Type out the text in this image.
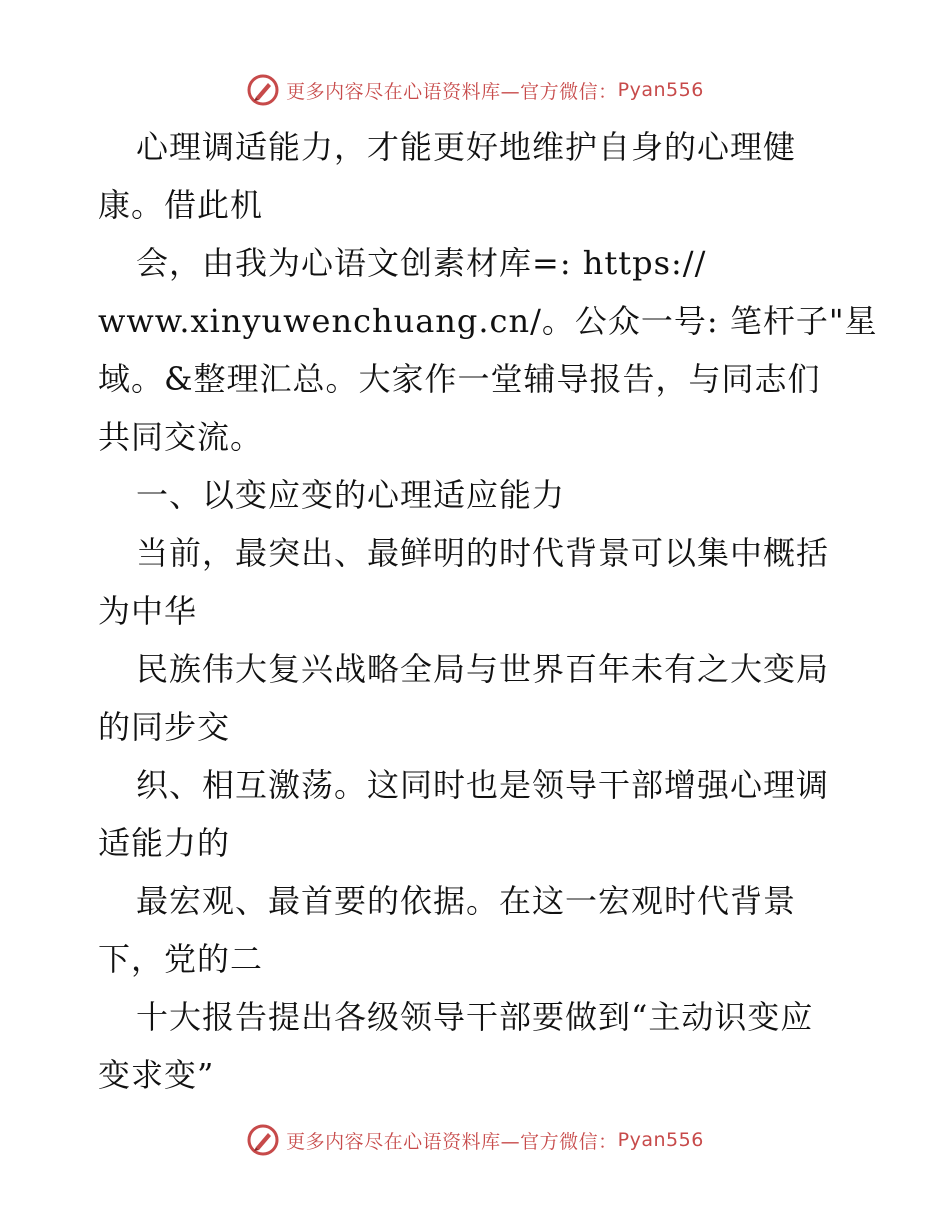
更多内容尽在心语资料库—官方微信： Pyan556
心理调适能力，才能更好地维护自身的心理健
康。借此机
会，由我为心语文创素材库=: https://
www.xinyuwenchuang.cn/。公众一号: 笔杆子"星
域。&整理汇总。大家作一堂辅导报告，与同志们
共同交流。
一、以变应变的心理适应能力
当前，最突出、最鲜明的时代背景可以集中概括
为中华
民族伟大复兴战略全局与世界百年未有之大变局
的同步交
织、相互激荡。这同时也是领导干部增强心理调
适能力的
最宏观、最首要的依据。在这一宏观时代背景
下，党的二
十大报告提出各级领导干部要做到“主动识变应
变求变”
更多内容尽在心语资料库—官方微信： Pyan556
